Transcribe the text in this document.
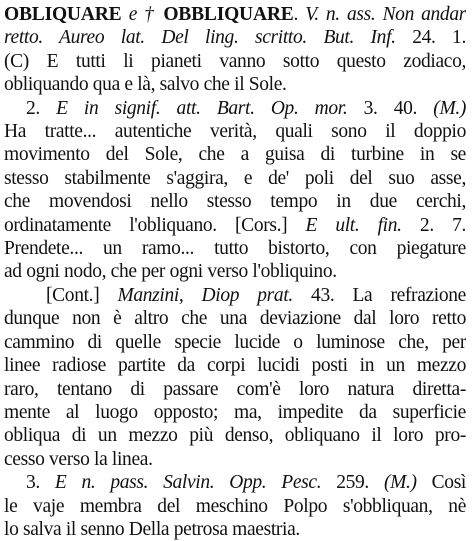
OBLIQUARE e † OBBLIQUARE. V. n. ass. Non andar
retto. Aureo lat. Del ling. scritto. But. Inf. 24. 1.
(C) E tutti li pianeti vanno sotto questo zodiaco,
obliquando qua e là, salvo che il Sole.
2. E in signif. att. Bart. Op. mor. 3. 40. (M.)
Ha tratte... autentiche verità, quali sono il doppio
movimento del Sole, che a guisa di turbine in se
stesso stabilmente s'aggira, e de' poli del suo asse,
che movendosi nello stesso tempo in due cerchi,
ordinatamente l'obliquano. [Cors.] E ult. fin. 2. 7.
Prendete... un ramo... tutto bistorto, con piegature
ad ogni nodo, che per ogni verso l'obliquino.
[Cont.] Manzini, Diop prat. 43. La refrazione
dunque non è altro che una deviazione dal loro retto
cammino di quelle specie lucide o luminose che, per
linee radiose partite da corpi lucidi posti in un mezzo
raro, tentano di passare com'è loro natura direttа-
mente al luogo opposto; ma, impedite da superficie
obliqua di un mezzo più denso, obliquano il loro pro-
cesso verso la linea.
3. E n. pass. Salvin. Opp. Pesc. 259. (M.) Così
le vaje membra del meschino Polpo s'obbliquan, nè
lo salva il senno Della petrosa maestria.
